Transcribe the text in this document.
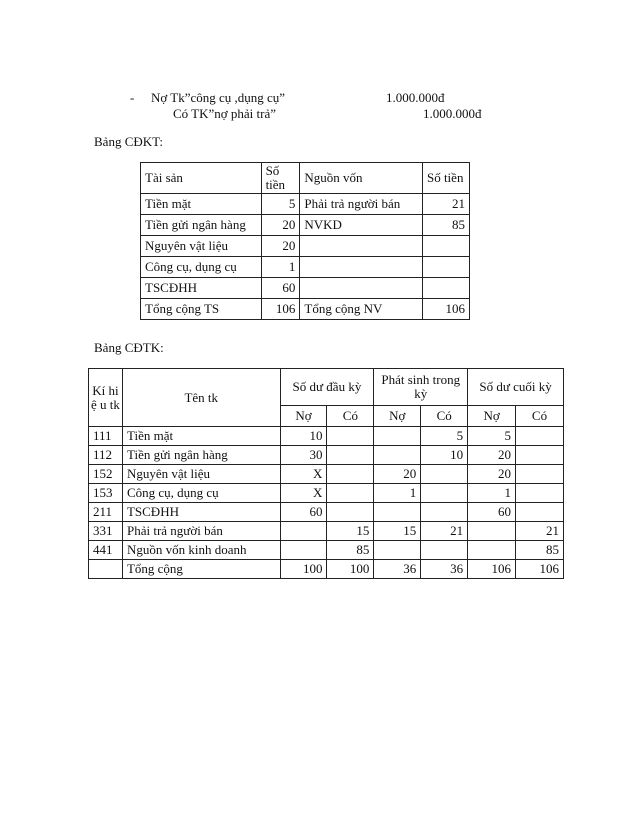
- Nợ Tk”công cụ ,dụng cụ”	1.000.000đ
Có TK”nợ phải trả”	1.000.000đ
Bảng CĐKT:
Tài sản	Số tiền	Nguồn vốn	Số tiền
Tiền mặt	5	Phải trả người bán	21
Tiền gửi ngân hàng	20	NVKD	85
Nguyên vật liệu	20		
Công cụ, dụng cụ	1		
TSCĐHH	60		
Tổng cộng TS	106	Tổng cộng NV	106
Bảng CĐTK:
Kí hiệ u tk	Tên tk	Số dư đầu kỳ		Phát sinh trong kỳ		Số dư cuối kỳ	
		Nợ	Có	Nợ	Có	Nợ	Có
111	Tiền mặt	10			5	5	
112	Tiền gửi ngân hàng	30			10	20	
152	Nguyên vật liệu	X		20		20	
153	Công cụ, dụng cụ	X		1		1	
211	TSCĐHH	60				60	
331	Phải trả người bán		15	15	21		21
441	Nguồn vốn kinh doanh		85				85
	Tổng cộng	100	100	36	36	106	106
